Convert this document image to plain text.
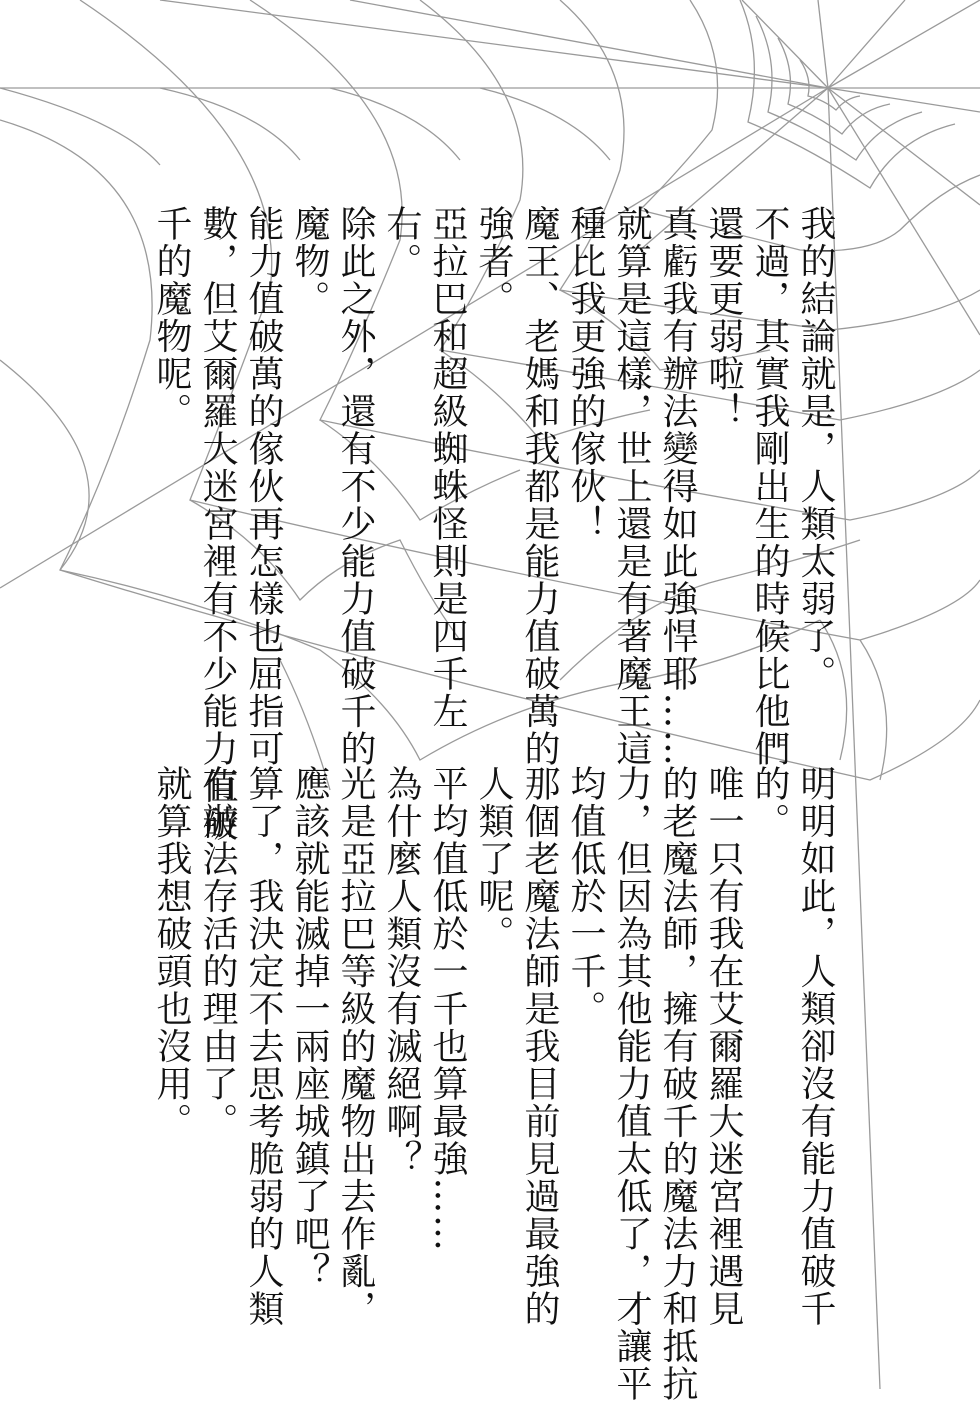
我的結論就是，人類太弱了。

不過，其實我剛出生的時候比他們

還要更弱啦！

真虧我有辦法變得如此強悍耶……

就算是這樣，世上還是有著魔王這

種比我更強的傢伙！

魔王、老媽和我都是能力值破萬的

強者。

亞拉巴和超級蜘蛛怪則是四千左

右。

除此之外，還有不少能力值破千的

魔物。

能力值破萬的傢伙再怎樣也屈指可

數，但艾爾羅大迷宮裡有不少能力值破

千的魔物呢。

明明如此，人類卻沒有能力值破千

的。

唯一只有我在艾爾羅大迷宮裡遇見

的老魔法師，擁有破千的魔法力和抵抗

力，但因為其他能力值太低了，才讓平

均值低於一千。

那個老魔法師是我目前見過最強的

人類了呢。

平均值低於一千也算最強……

為什麼人類沒有滅絕啊？

光是亞拉巴等級的魔物出去作亂，

應該就能滅掉一兩座城鎮了吧？

算了，我決定不去思考脆弱的人類

有辦法存活的理由了。

就算我想破頭也沒用。
